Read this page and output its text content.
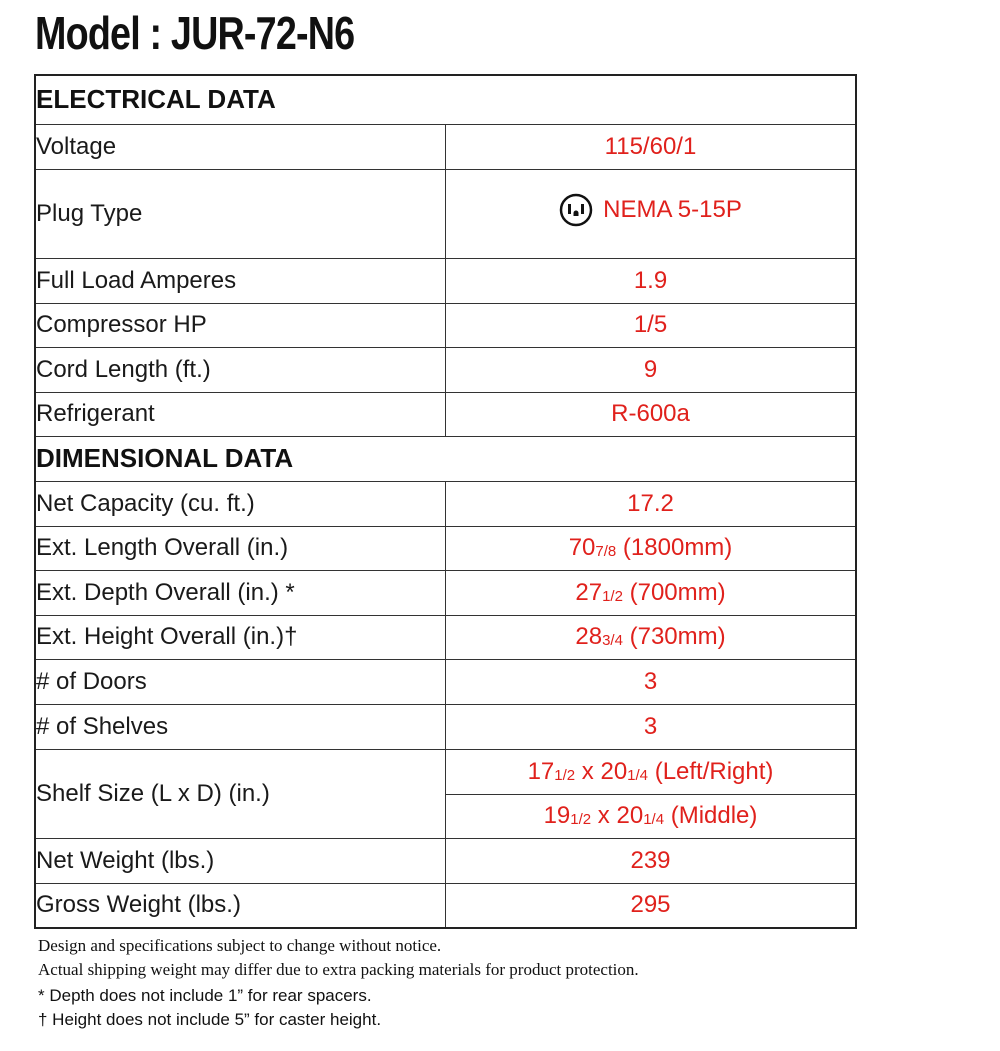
Model : JUR-72-N6
ELECTRICAL DATA	
Voltage	115/60/1
Plug Type	NEMA 5-15P

Full Load Amperes	1.9
Compressor HP	1/5
Cord Length (ft.)	9
Refrigerant	R-600a
DIMENSIONAL DATA	
Net Capacity (cu. ft.)	17.2
Ext. Length Overall (in.)	707/8 (1800mm)
Ext. Depth Overall (in.) *	271/2 (700mm)
Ext. Height Overall (in.)†	283/4 (730mm)
# of Doors	3
# of Shelves	3
Shelf Size (L x D) (in.)	171/2 x 201/4 (Left/Right)
	191/2 x 201/4 (Middle)
Net Weight (lbs.)	239
Gross Weight (lbs.)	295
Design and specifications subject to change without notice.
Actual shipping weight may differ due to extra packing materials for product protection.
* Depth does not include 1” for rear spacers.
† Height does not include 5” for caster height.
